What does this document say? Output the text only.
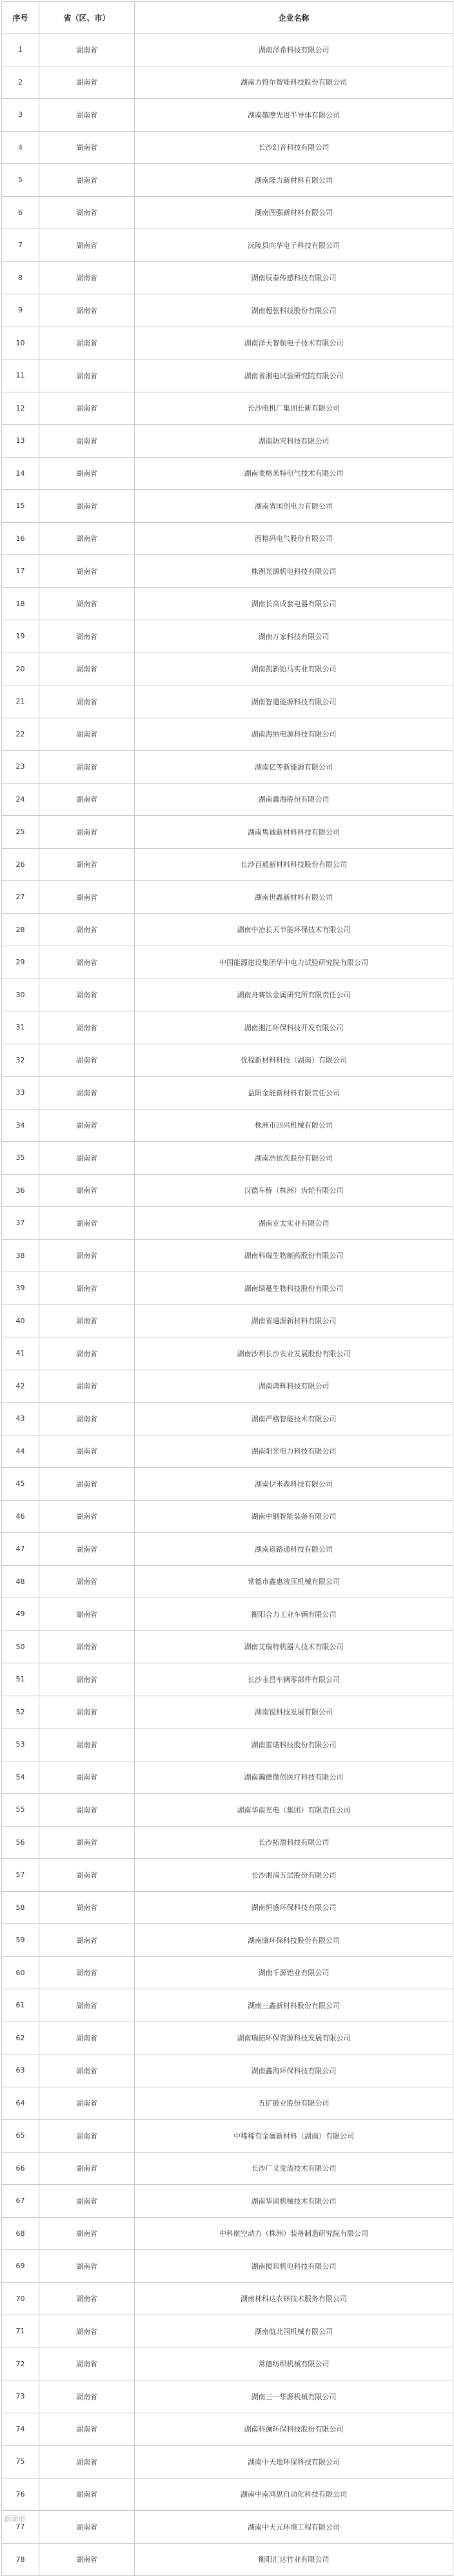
序号	省（区、市）	企业名称
1	湖南省	湖南泽希科技有限公司
2	湖南省	湖南力得尔智能科技股份有限公司
3	湖南省	湖南越摩先进半导体有限公司
4	湖南省	长沙幻音科技有限公司
5	湖南省	湖南隆力新材料有限公司
6	湖南省	湖南图强新材料有限公司
7	湖南省	沅陵县向华电子科技有限公司
8	湖南省	湖南辰泰传感科技有限公司
9	湖南省	湖南超弦科技股份有限公司
10	湖南省	湖南泽天智航电子技术有限公司
11	湖南省	湖南省湘电试验研究院有限公司
12	湖南省	长沙电机厂集团长新有限公司
13	湖南省	湖南防灾科技有限公司
14	湖南省	湖南麦格米特电气技术有限公司
15	湖南省	湖南省国创电力有限公司
16	湖南省	西格码电气股份有限公司
17	湖南省	株洲光源机电科技有限公司
18	湖南省	湖南长高成套电器有限公司
19	湖南省	湖南万家科技有限公司
20	湖南省	湖南凯新铂马实业有限公司
21	湖南省	湖南智道能源科技有限公司
22	湖南省	湖南海纳电源科技有限公司
23	湖南省	湖南亿等新能源有限公司
24	湖南省	湖南鑫海股份有限公司
25	湖南省	湖南隽诚新材料科技有限公司
26	湖南省	长沙百通新材料科技股份有限公司
27	湖南省	湖南世鑫新材料有限公司
28	湖南省	湖南中冶长天节能环保技术有限公司
29	湖南省	中国能源建设集团华中电力试验研究院有限公司
30	湖南省	湖南舟赛钛金属研究所有限责任公司
31	湖南省	湖南湘江环保科技开发有限公司
32	湖南省	优程新材料科技（湖南）有限公司
33	湖南省	益阳金能新材料有限责任公司
34	湖南省	株洲市四兴机械有限公司
35	湖南省	湖南浩依茨股份有限公司
36	湖南省	汉德车桥（株洲）齿轮有限公司
37	湖南省	湖南亚太实业有限公司
38	湖南省	湖南科瑞生物制药股份有限公司
39	湖南省	湖南绿蔓生物科技股份有限公司
40	湖南省	湖南省通源新材料有限公司
41	湖南省	湖南沙利长沙农业发展股份有限公司
42	湖南省	湖南鸿辉科技有限公司
43	湖南省	湖南严格智能技术有限公司
44	湖南省	湖南阳光电力科技有限公司
45	湖南省	湖南伊米森科技有限公司
46	湖南省	湖南中钢智能装备有限公司
47	湖南省	湖南道路通科技有限公司
48	湖南省	常德市鑫惠液压机械有限公司
49	湖南省	衡阳合力工业车辆有限公司
50	湖南省	湖南艾瑞特机器人技术有限公司
51	湖南省	长沙永昌车辆零部件有限公司
52	湖南省	湖南锐科技发展有限公司
53	湖南省	湖南雷诺科技股份有限公司
54	湖南省	湖南瀚德微创医疗科技有限公司
55	湖南省	湖南华南光电（集团）有限责任公司
56	湖南省	长沙拓盈科技有限公司
57	湖南省	长沙湘浦五层股份有限公司
58	湖南省	湖南恒盛环保科技有限公司
59	湖南省	湖南康环保科技股份有限公司
60	湖南省	湖南千源铝业有限公司
61	湖南省	湖南三鑫新材料股份有限公司
62	湖南省	湖南瑞拓环保资源科技发展有限公司
63	湖南省	湖南鑫海环保科技有限公司
64	湖南省	五矿铍业股份有限公司
65	湖南省	中稀稀有金属新材料（湖南）有限公司
66	湖南省	长沙广义变流技术有限公司
67	湖南省	湖南华固机械技术有限公司
68	湖南省	中科航空动力（株洲）装备制造研究院有限公司
69	湖南省	湖南搅邦机电科技有限公司
70	湖南省	湖南林科达农林技术服务有限公司
71	湖南省	湖南航北园机械有限公司
72	湖南省	常德纺织机械有限公司
73	湖南省	湖南三一华源机械有限公司
74	湖南省	湖南科澜环保科技股份有限公司
75	湖南省	湖南中天地环保科技有限公司
76	湖南省	湖南中南鸿思自动化科技有限公司
77	湖南省	湖南中天元环境工程有限公司
78	湖南省	衡阳汇达竹业有限公司
新湖南
